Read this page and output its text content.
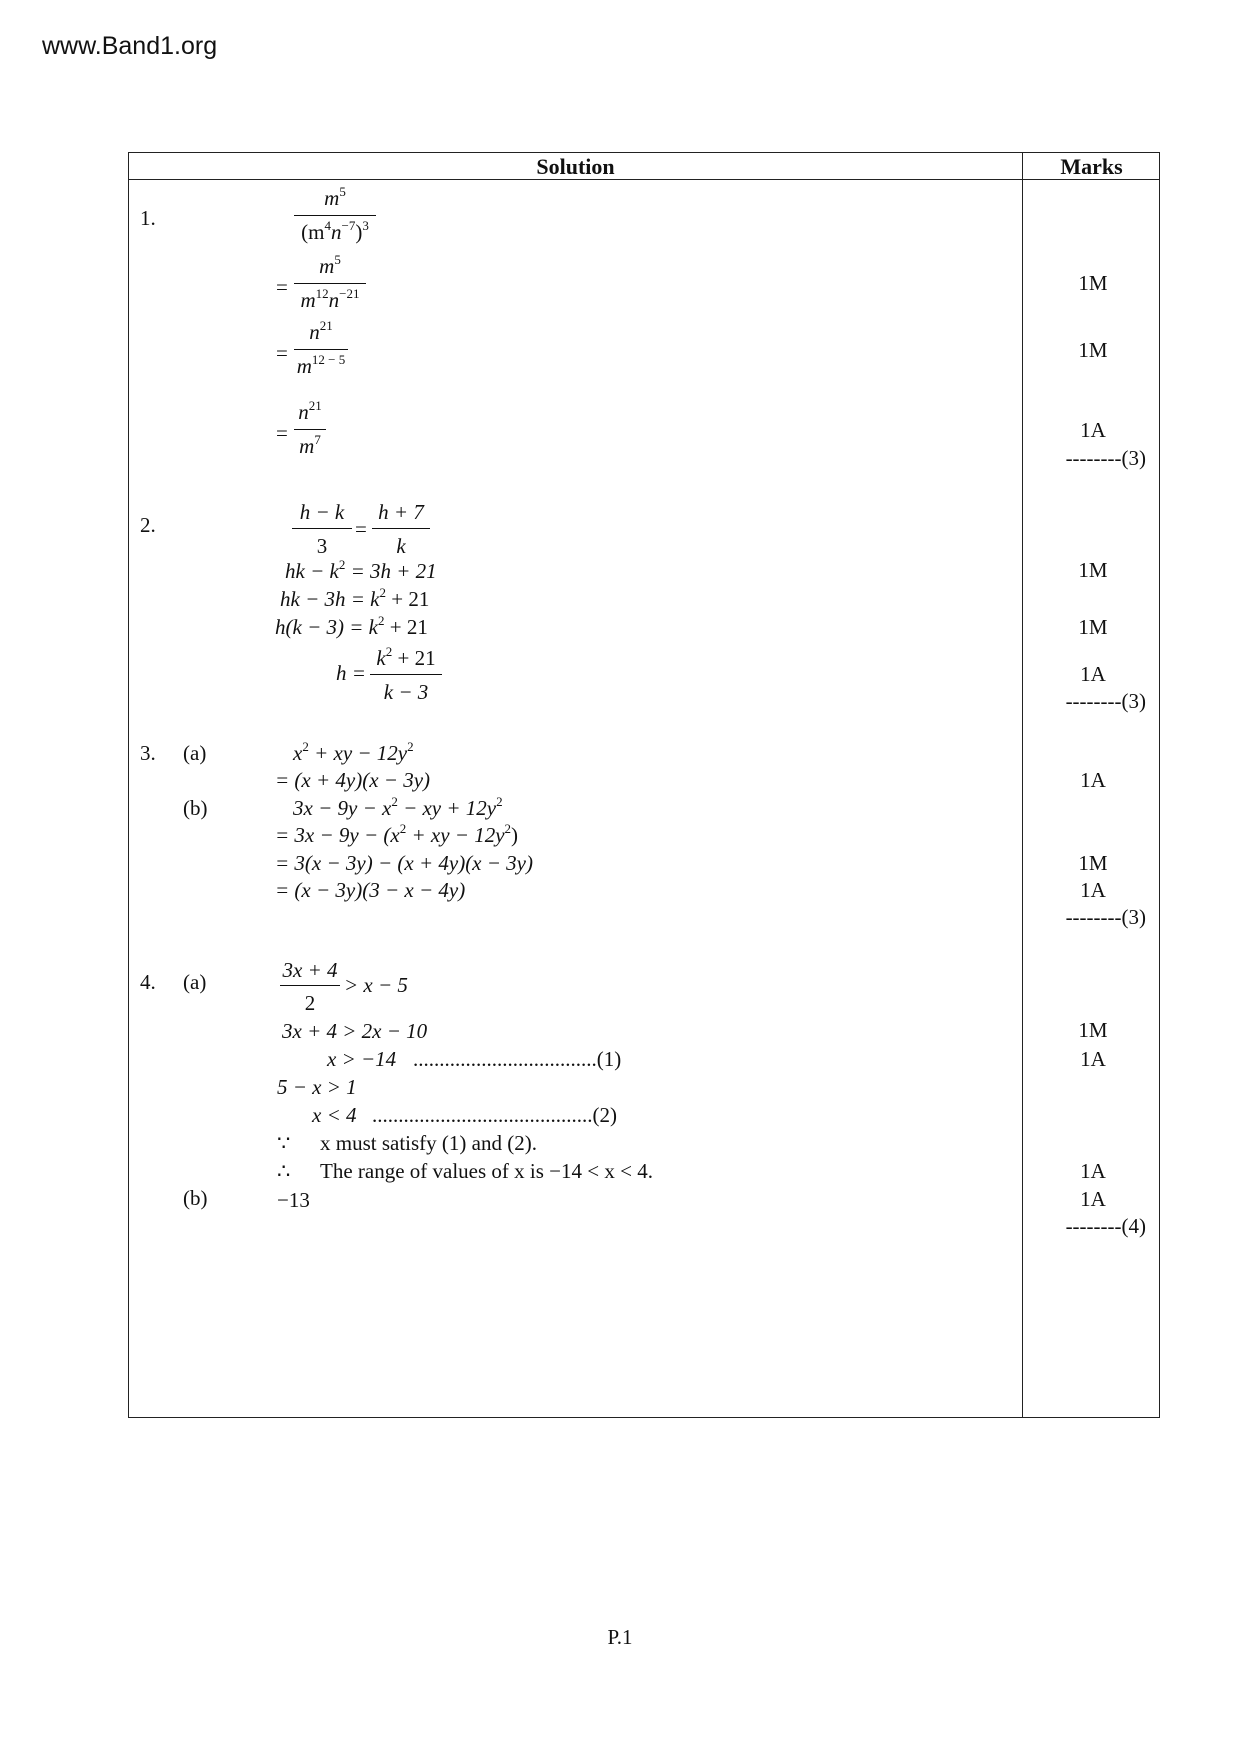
www.Band1.org
Solution	Marks
1.
$m^5$
$(m^4n^{-7})^3$
=
$m^5$
$m^{12}n^{-21}$
=
$n^{21}$
$m^{12 - 5}$
=
$n^{21}$
$m^7$
1M
1M
1A
--------(3)
2.
h − k
3
=
h + 7
k
hk − $k^2 = 3h + 21$
hk − $3h = k^2 + 21$
$h(k - 3) = k^2 + 21$
h =
$k^2 + 21$
k − 3
1M
1M
1A
--------(3)
3. (a)
(b)
$x^2$ + xy − $12y^2$
= (x + 4y)(x − 3y)
$3x - 9y - x^2$ − xy + $12y^2$
= $3x - 9y - (x^2$ + xy − $12y^2$)
= 3(x − 3y) − (x + 4y)(x − 3y)
= (x − 3y)(3 − x − 4y)
1A
1M
1A
--------(3)
4. (a)
(b)
3x + 4
2
> x − 5
3x + 4 > 2x − 10
x > −14 ...................................(1)
5 − x > 1
x < 4 ..........................................(2)
∵ x must satisfy (1) and (2).
∴ The range of values of x is −14 < x < 4.
−13
1M
1A
1A
1A
--------(4)
P.1
